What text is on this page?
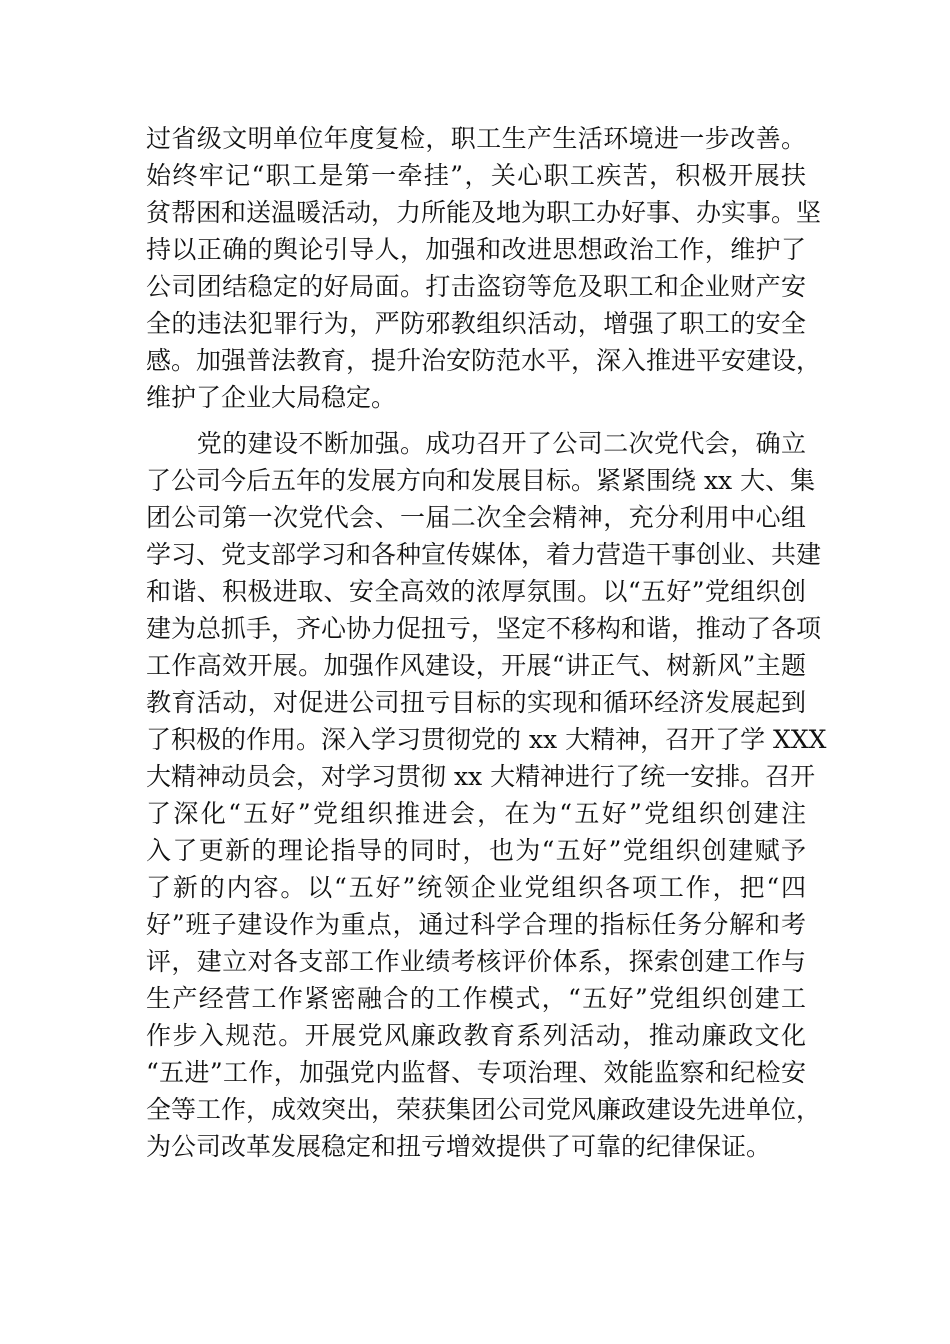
过省级文明单位年度复检，职工生产生活环境进一步改善。
始终牢记“职工是第一牵挂”，关心职工疾苦，积极开展扶
贫帮困和送温暖活动，力所能及地为职工办好事、办实事。坚
持以正确的舆论引导人，加强和改进思想政治工作，维护了
公司团结稳定的好局面。打击盗窃等危及职工和企业财产安
全的违法犯罪行为，严防邪教组织活动，增强了职工的安全
感。加强普法教育，提升治安防范水平，深入推进平安建设，
维护了企业大局稳定。
　　党的建设不断加强。成功召开了公司二次党代会，确立
了公司今后五年的发展方向和发展目标。紧紧围绕 xx 大、集
团公司第一次党代会、一届二次全会精神，充分利用中心组
学习、党支部学习和各种宣传媒体，着力营造干事创业、共建
和谐、积极进取、安全高效的浓厚氛围。以“五好”党组织创
建为总抓手，齐心协力促扭亏，坚定不移构和谐，推动了各项
工作高效开展。加强作风建设，开展“讲正气、树新风”主题
教育活动，对促进公司扭亏目标的实现和循环经济发展起到
了积极的作用。深入学习贯彻党的 xx 大精神，召开了学 XXX
大精神动员会，对学习贯彻 xx 大精神进行了统一安排。召开
了深化“五好”党组织推进会，在为“五好”党组织创建注
入了更新的理论指导的同时，也为“五好”党组织创建赋予
了新的内容。以“五好”统领企业党组织各项工作，把“四
好”班子建设作为重点，通过科学合理的指标任务分解和考
评，建立对各支部工作业绩考核评价体系，探索创建工作与
生产经营工作紧密融合的工作模式，“五好”党组织创建工
作步入规范。开展党风廉政教育系列活动，推动廉政文化
“五进”工作，加强党内监督、专项治理、效能监察和纪检安
全等工作，成效突出，荣获集团公司党风廉政建设先进单位，
为公司改革发展稳定和扭亏增效提供了可靠的纪律保证。
